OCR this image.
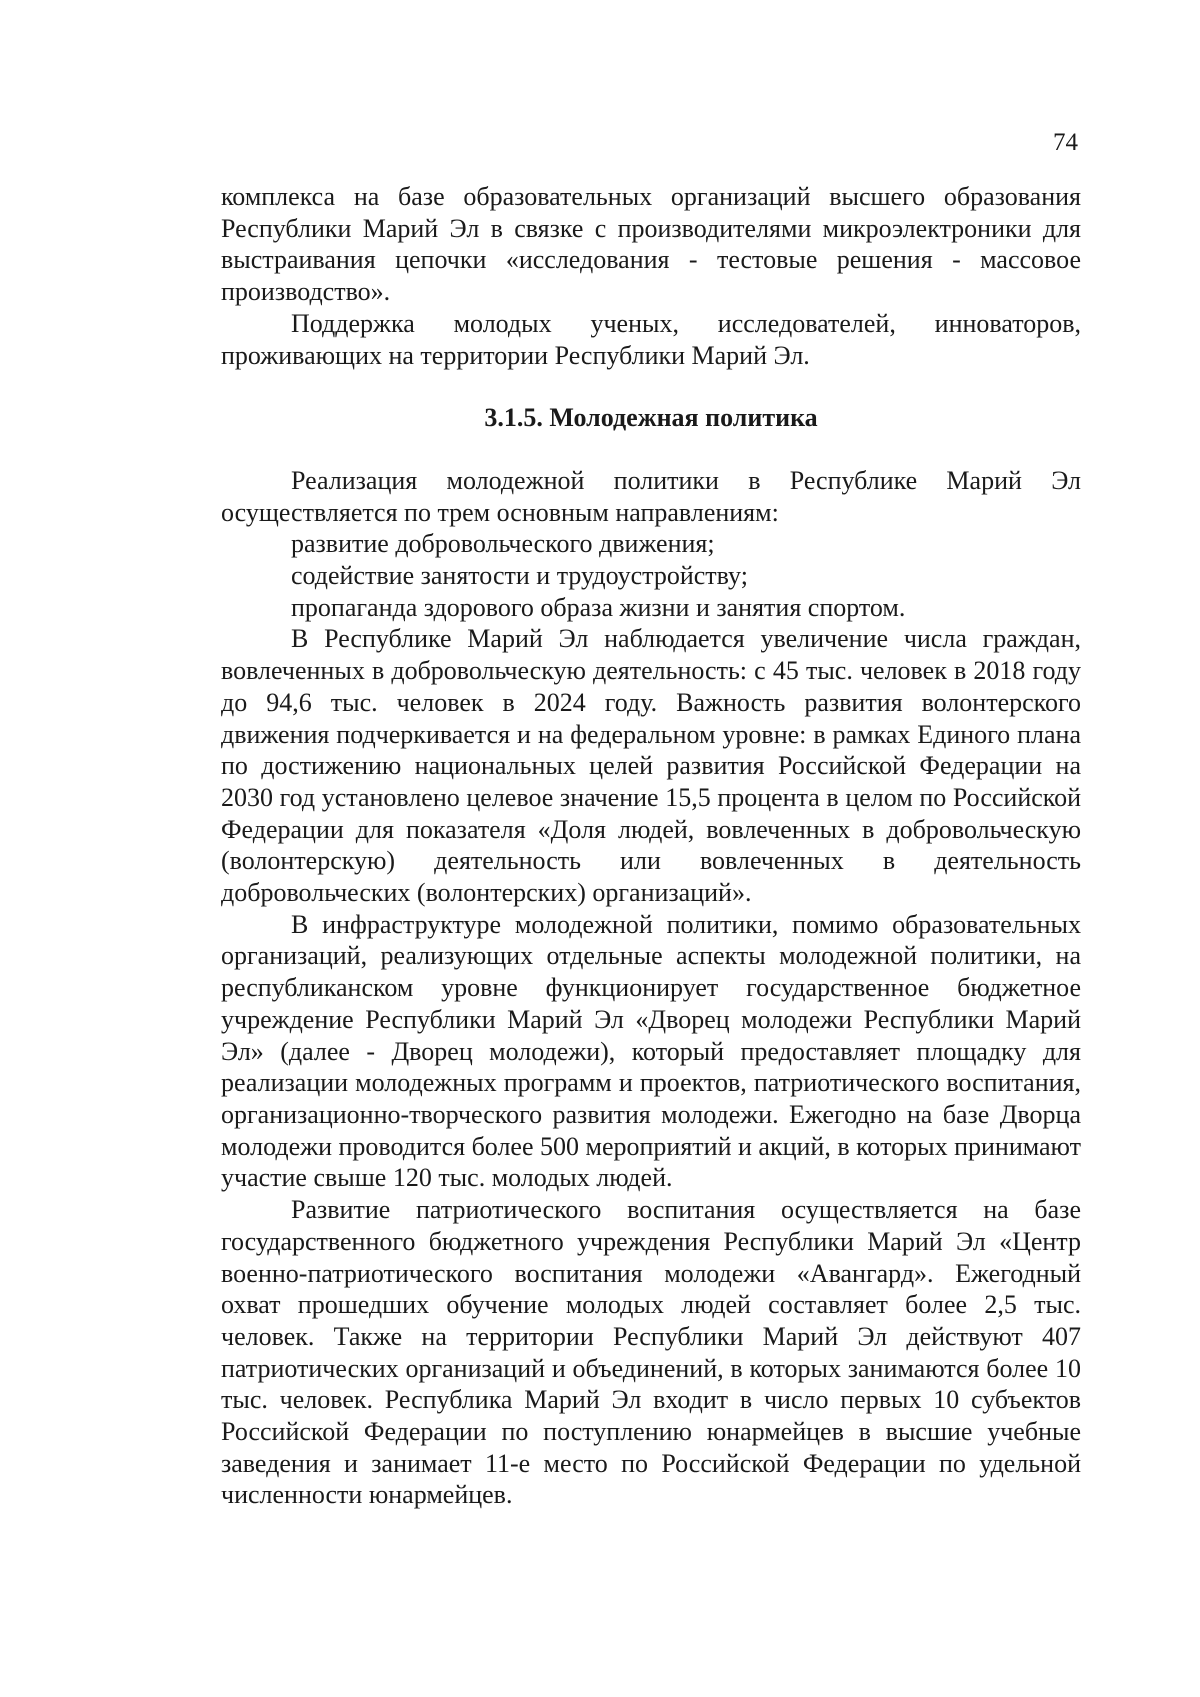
74

комплекса на базе образовательных организаций высшего образования Республики Марий Эл в связке с производителями микроэлектроники для выстраивания цепочки «исследования - тестовые решения - массовое производство».

Поддержка молодых ученых, исследователей, инноваторов, проживающих на территории Республики Марий Эл.

3.1.5. Молодежная политика

Реализация молодежной политики в Республике Марий Эл осуществляется по трем основным направлениям:

развитие добровольческого движения;

содействие занятости и трудоустройству;

пропаганда здорового образа жизни и занятия спортом.

В Республике Марий Эл наблюдается увеличение числа граждан, вовлеченных в добровольческую деятельность: с 45 тыс. человек в 2018 году до 94,6 тыс. человек в 2024 году. Важность развития волонтерского движения подчеркивается и на федеральном уровне: в рамках Единого плана по достижению национальных целей развития Российской Федерации на 2030 год установлено целевое значение 15,5 процента в целом по Российской Федерации для показателя «Доля людей, вовлеченных в добровольческую (волонтерскую) деятельность или вовлеченных в деятельность добровольческих (волонтерских) организаций».

В инфраструктуре молодежной политики, помимо образовательных организаций, реализующих отдельные аспекты молодежной политики, на республиканском уровне функционирует государственное бюджетное учреждение Республики Марий Эл «Дворец молодежи Республики Марий Эл» (далее - Дворец молодежи), который предоставляет площадку для реализации молодежных программ и проектов, патриотического воспитания, организационно-творческого развития молодежи. Ежегодно на базе Дворца молодежи проводится более 500 мероприятий и акций, в которых принимают участие свыше 120 тыс. молодых людей.

Развитие патриотического воспитания осуществляется на базе государственного бюджетного учреждения Республики Марий Эл «Центр военно-патриотического воспитания молодежи «Авангард». Ежегодный охват прошедших обучение молодых людей составляет более 2,5 тыс. человек. Также на территории Республики Марий Эл действуют 407 патриотических организаций и объединений, в которых занимаются более 10 тыс. человек. Республика Марий Эл входит в число первых 10 субъектов Российской Федерации по поступлению юнармейцев в высшие учебные заведения и занимает 11-е место по Российской Федерации по удельной численности юнармейцев.
